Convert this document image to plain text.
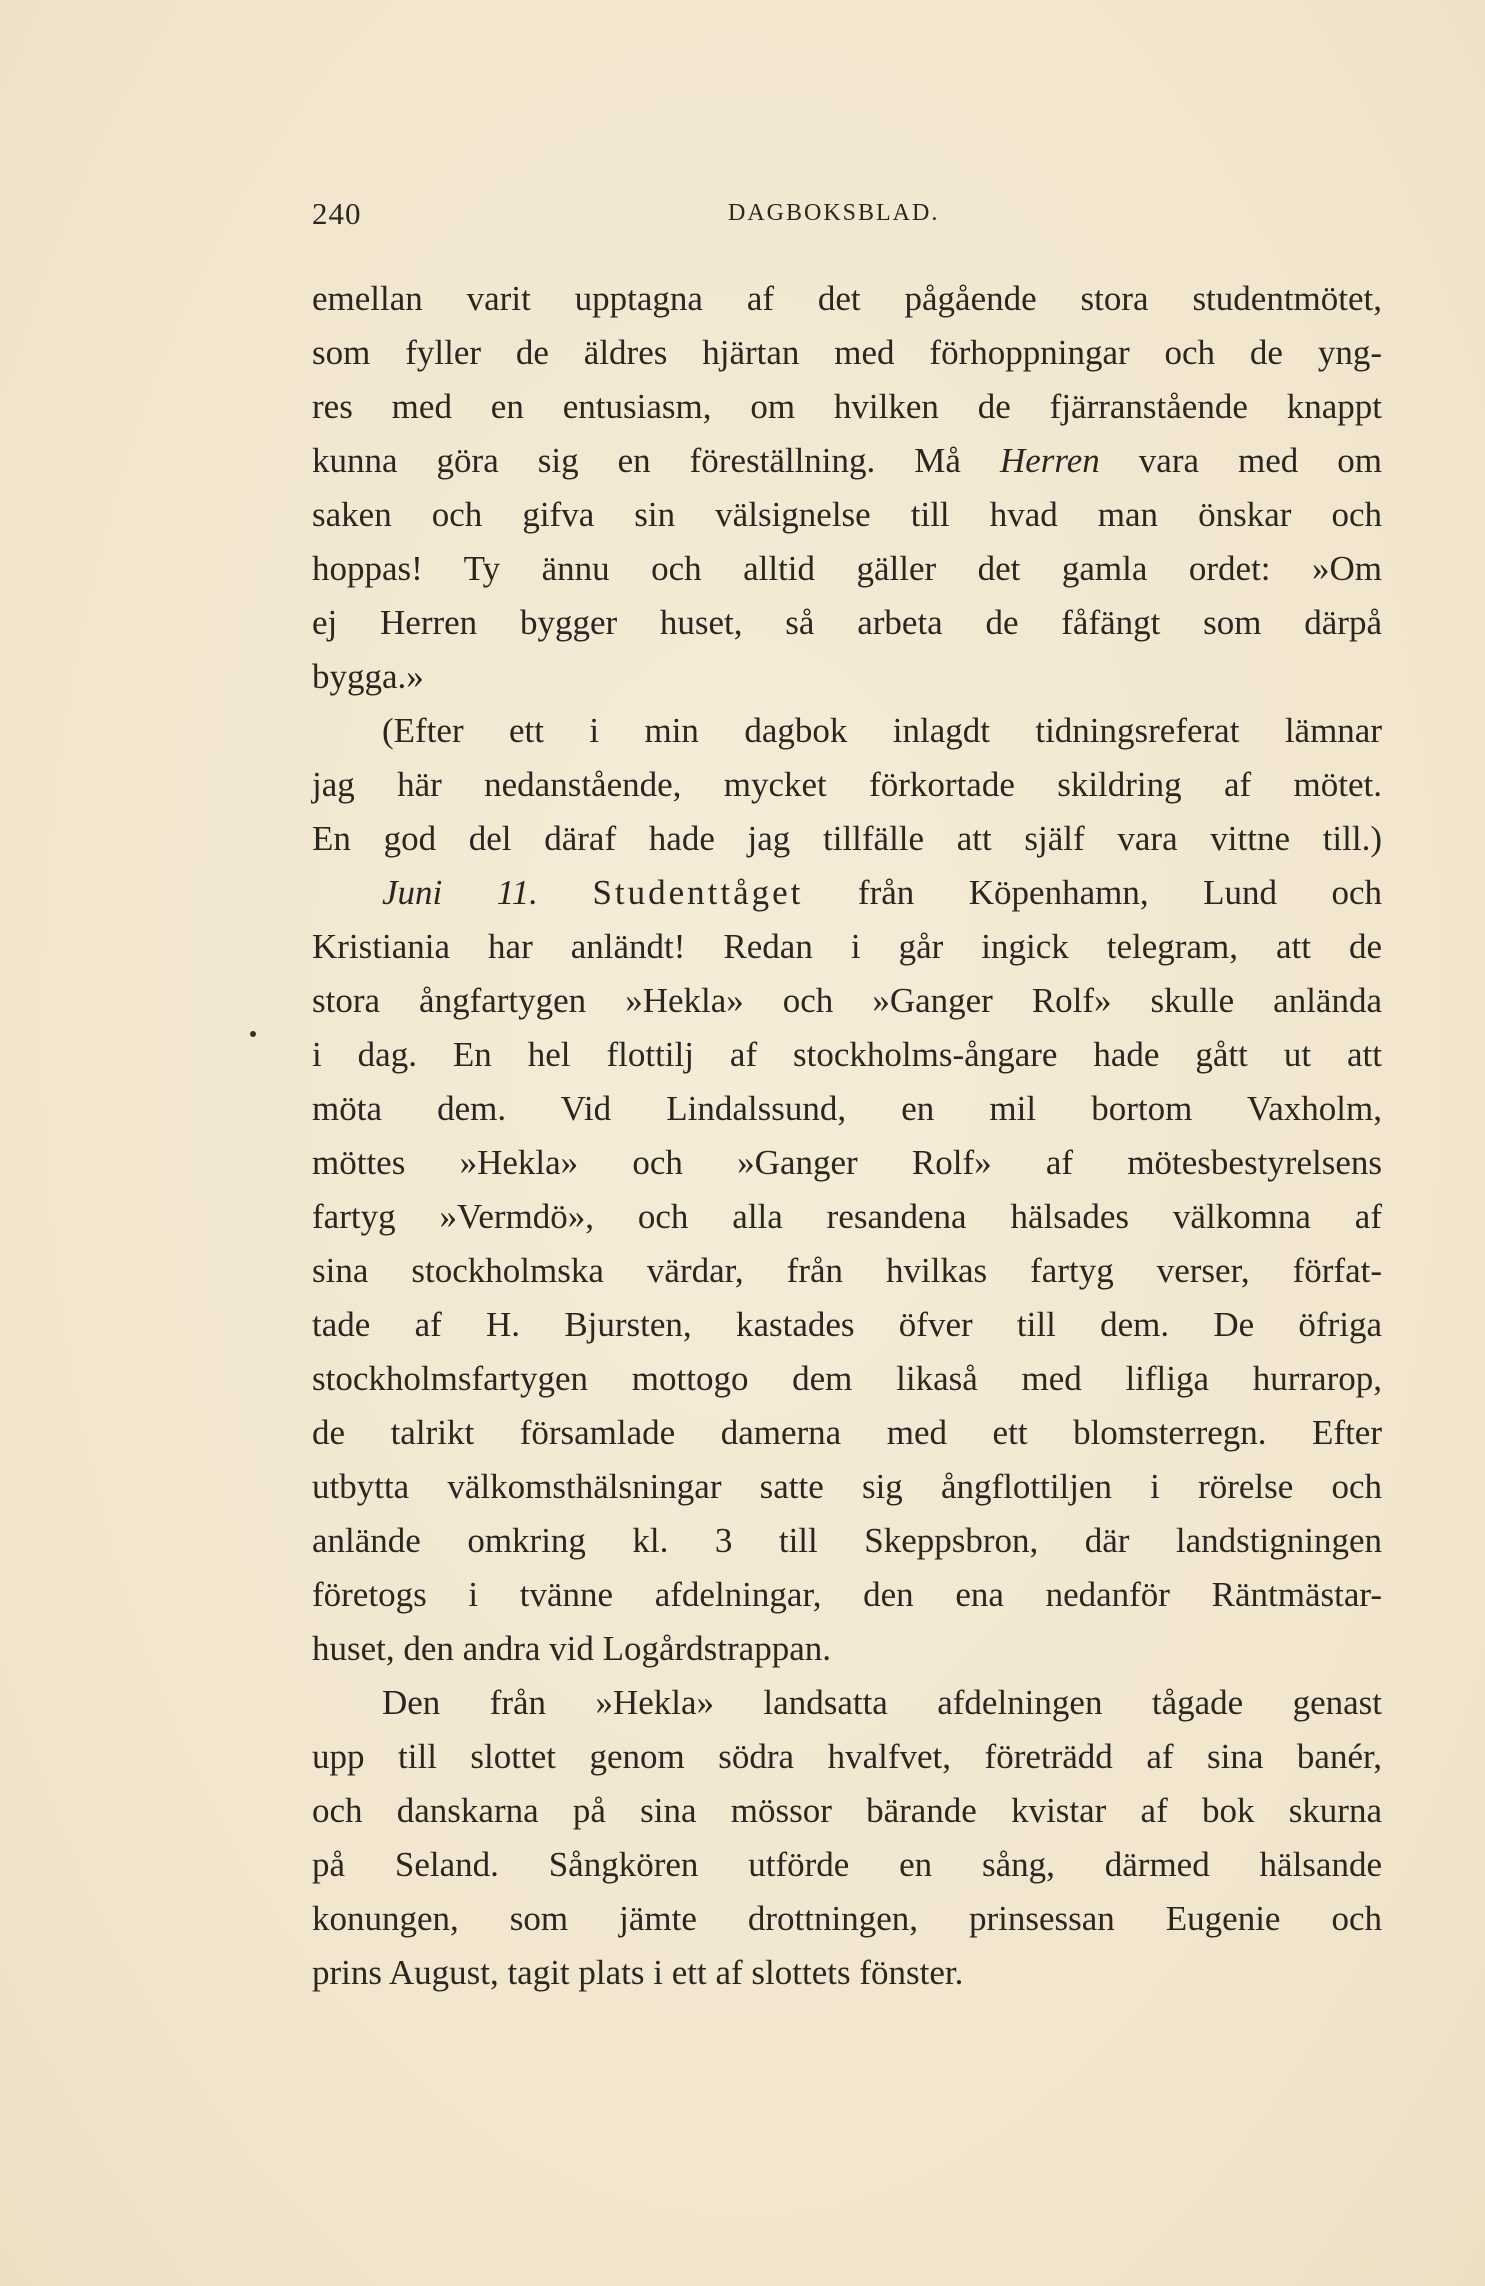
240	DAGBOKSBLAD.
emellan varit upptagna af det pågående stora studentmötet,
som fyller de äldres hjärtan med förhoppningar och de yng-
res med en entusiasm, om hvilken de fjärranstående knappt
kunna göra sig en föreställning. Må Herren vara med om
saken och gifva sin välsignelse till hvad man önskar och
hoppas! Ty ännu och alltid gäller det gamla ordet: »Om
ej Herren bygger huset, så arbeta de fåfängt som därpå
bygga.»
(Efter ett i min dagbok inlagdt tidningsreferat lämnar
jag här nedanstående, mycket förkortade skildring af mötet.
En god del däraf hade jag tillfälle att själf vara vittne till.)
Juni 11. Studenttåget från Köpenhamn, Lund och
Kristiania har anländt! Redan i går ingick telegram, att de
stora ångfartygen »Hekla» och »Ganger Rolf» skulle anlända
i dag. En hel flottilj af stockholms-ångare hade gått ut att
möta dem. Vid Lindalssund, en mil bortom Vaxholm,
möttes »Hekla» och »Ganger Rolf» af mötesbestyrelsens
fartyg »Vermdö», och alla resandena hälsades välkomna af
sina stockholmska värdar, från hvilkas fartyg verser, förfat-
tade af H. Bjursten, kastades öfver till dem. De öfriga
stockholmsfartygen mottogo dem likaså med lifliga hurrarop,
de talrikt församlade damerna med ett blomsterregn. Efter
utbytta välkomsthälsningar satte sig ångflottiljen i rörelse och
anlände omkring kl. 3 till Skeppsbron, där landstigningen
företogs i tvänne afdelningar, den ena nedanför Räntmästar-
huset, den andra vid Logårdstrappan.
Den från »Hekla» landsatta afdelningen tågade genast
upp till slottet genom södra hvalfvet, företrädd af sina banér,
och danskarna på sina mössor bärande kvistar af bok skurna
på Seland. Sångkören utförde en sång, därmed hälsande
konungen, som jämte drottningen, prinsessan Eugenie och
prins August, tagit plats i ett af slottets fönster.
